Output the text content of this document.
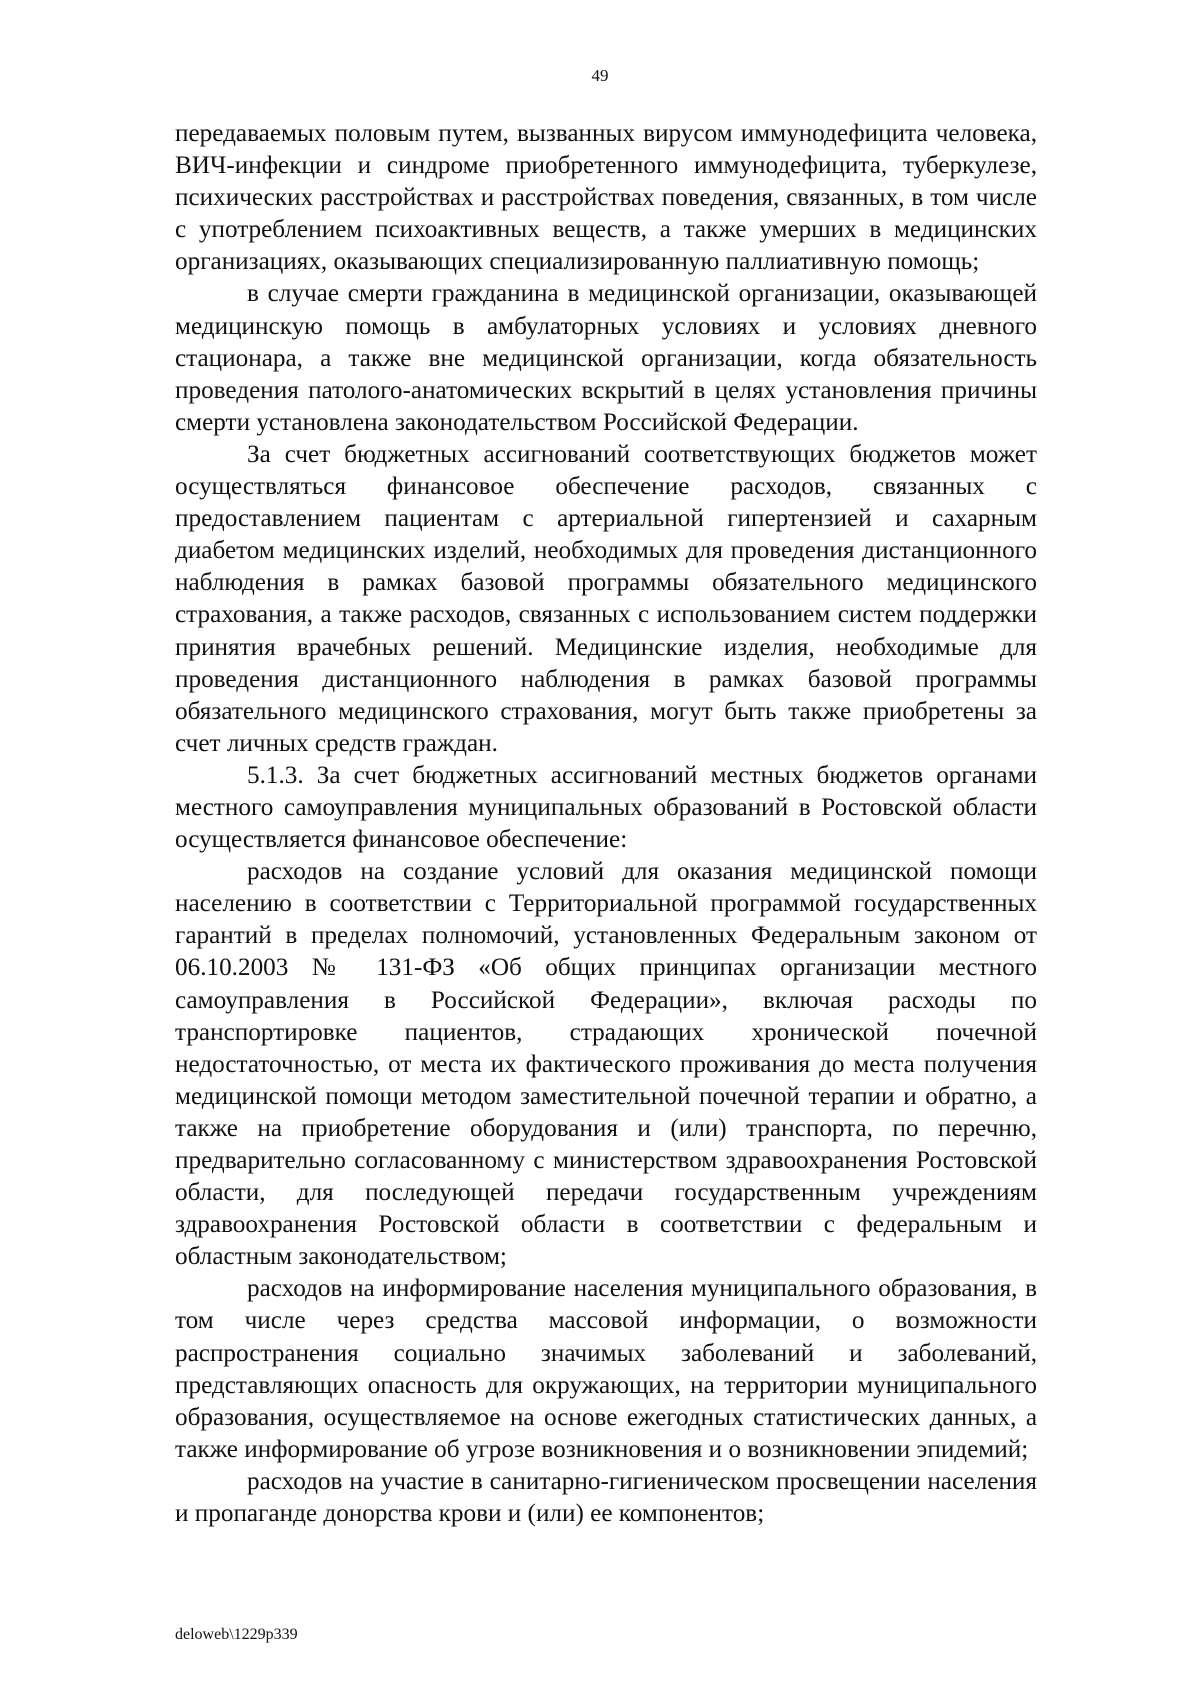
49

передаваемых половым путем, вызванных вирусом иммунодефицита человека, ВИЧ-инфекции и синдроме приобретенного иммунодефицита, туберкулезе, психических расстройствах и расстройствах поведения, связанных, в том числе с употреблением психоактивных веществ, а также умерших в медицинских организациях, оказывающих специализированную паллиативную помощь;

в случае смерти гражданина в медицинской организации, оказывающей медицинскую помощь в амбулаторных условиях и условиях дневного стационара, а также вне медицинской организации, когда обязательность проведения патолого-анатомических вскрытий в целях установления причины смерти установлена законодательством Российской Федерации.

За счет бюджетных ассигнований соответствующих бюджетов может осуществляться финансовое обеспечение расходов, связанных с предоставлением пациентам с артериальной гипертензией и сахарным диабетом медицинских изделий, необходимых для проведения дистанционного наблюдения в рамках базовой программы обязательного медицинского страхования, а также расходов, связанных с использованием систем поддержки принятия врачебных решений. Медицинские изделия, необходимые для проведения дистанционного наблюдения в рамках базовой программы обязательного медицинского страхования, могут быть также приобретены за счет личных средств граждан.

5.1.3. За счет бюджетных ассигнований местных бюджетов органами местного самоуправления муниципальных образований в Ростовской области осуществляется финансовое обеспечение:

расходов на создание условий для оказания медицинской помощи населению в соответствии с Территориальной программой государственных гарантий в пределах полномочий, установленных Федеральным законом от 06.10.2003 № 131-ФЗ «Об общих принципах организации местного самоуправления в Российской Федерации», включая расходы по транспортировке пациентов, страдающих хронической почечной недостаточностью, от места их фактического проживания до места получения медицинской помощи методом заместительной почечной терапии и обратно, а также на приобретение оборудования и (или) транспорта, по перечню, предварительно согласованному с министерством здравоохранения Ростовской области, для последующей передачи государственным учреждениям здравоохранения Ростовской области в соответствии с федеральным и областным законодательством;

расходов на информирование населения муниципального образования, в том числе через средства массовой информации, о возможности распространения социально значимых заболеваний и заболеваний, представляющих опасность для окружающих, на территории муниципального образования, осуществляемое на основе ежегодных статистических данных, а также информирование об угрозе возникновения и о возникновении эпидемий;

расходов на участие в санитарно-гигиеническом просвещении населения и пропаганде донорства крови и (или) ее компонентов;

deloweb\1229p339
